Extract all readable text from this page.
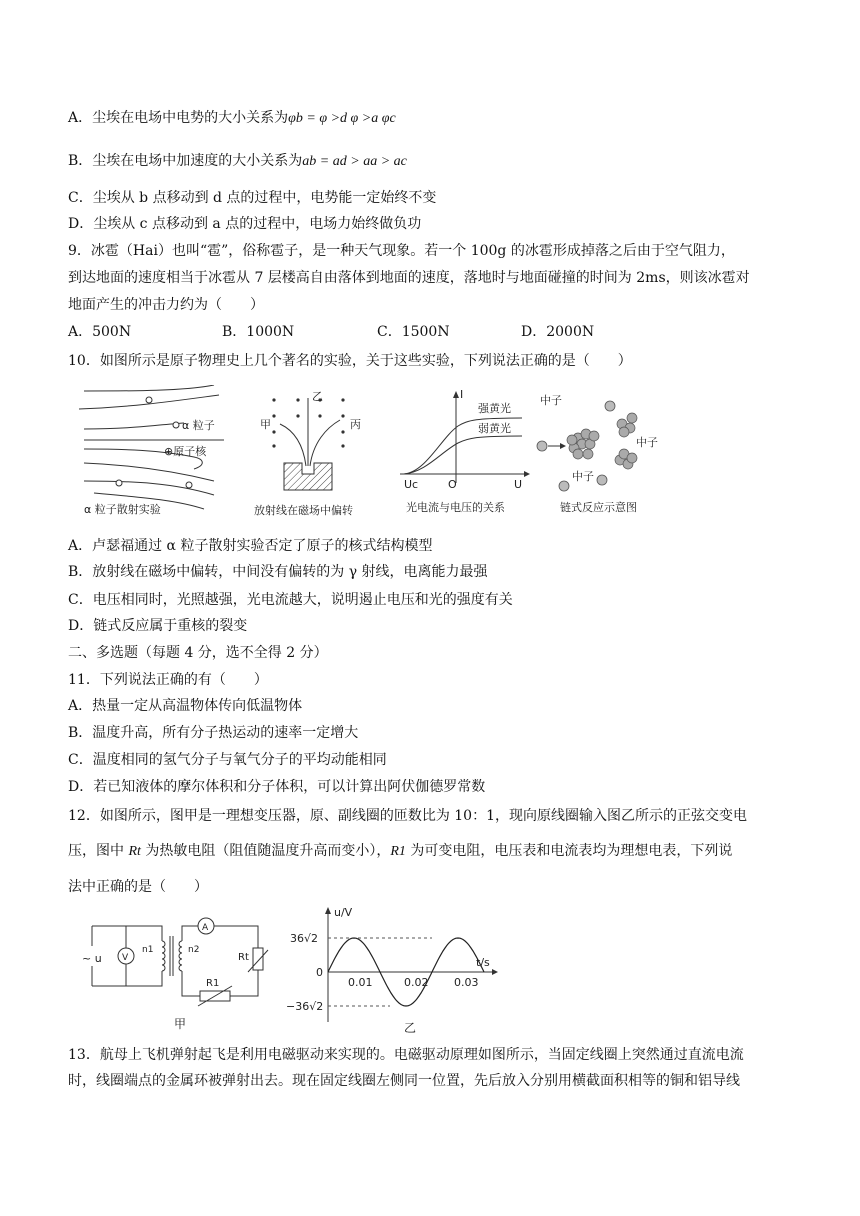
A．尘埃在电场中电势的大小关系为φb = φ >d φ >a φc
B．尘埃在电场中加速度的大小关系为ab = ad > aa > ac
C．尘埃从 b 点移动到 d 点的过程中，电势能一定始终不变
D．尘埃从 c 点移动到 a 点的过程中，电场力始终做负功
9．冰雹（Hai）也叫“雹”，俗称雹子，是一种天气现象。若一个 100g 的冰雹形成掉落之后由于空气阻力，
到达地面的速度相当于冰雹从 7 层楼高自由落体到地面的速度，落地时与地面碰撞的时间为 2ms，则该冰雹对
地面产生的冲击力约为（　　）
A．500N	B．1000N	C．1500N	D．2000N
10．如图所示是原子物理史上几个著名的实验，关于这些实验，下列说法正确的是（　　）
α 粒子
⊕原子核
α 粒子散射实验
乙
甲	丙
放射线在磁场中偏转
I
强黄光
弱黄光
Uc	O	U
光电流与电压的关系
中子
中子
中子
链式反应示意图
A．卢瑟福通过 α 粒子散射实验否定了原子的核式结构模型
B．放射线在磁场中偏转，中间没有偏转的为 γ 射线，电离能力最强
C．电压相同时，光照越强，光电流越大，说明遏止电压和光的强度有关
D．链式反应属于重核的裂变
二、多选题（每题 4 分，选不全得 2 分）
11．下列说法正确的有（　　）
A．热量一定从高温物体传向低温物体
B．温度升高，所有分子热运动的速率一定增大
C．温度相同的氢气分子与氧气分子的平均动能相同
D．若已知液体的摩尔体积和分子体积，可以计算出阿伏伽德罗常数
12．如图所示，图甲是一理想变压器，原、副线圈的匝数比为 10：1，现向原线圈输入图乙所示的正弦交变电
压，图中 Rt 为热敏电阻（阻值随温度升高而变小），R1 为可变电阻，电压表和电流表均为理想电表，下列说
法中正确的是（　　）
~ u V
A
n1	n2
Rt
R1
甲
u/V
t/s
36√2
−36√2
0
0.01	0.02 0.03
乙
13．航母上飞机弹射起飞是利用电磁驱动来实现的。电磁驱动原理如图所示，当固定线圈上突然通过直流电流
时，线圈端点的金属环被弹射出去。现在固定线圈左侧同一位置，先后放入分别用横截面积相等的铜和铝导线
